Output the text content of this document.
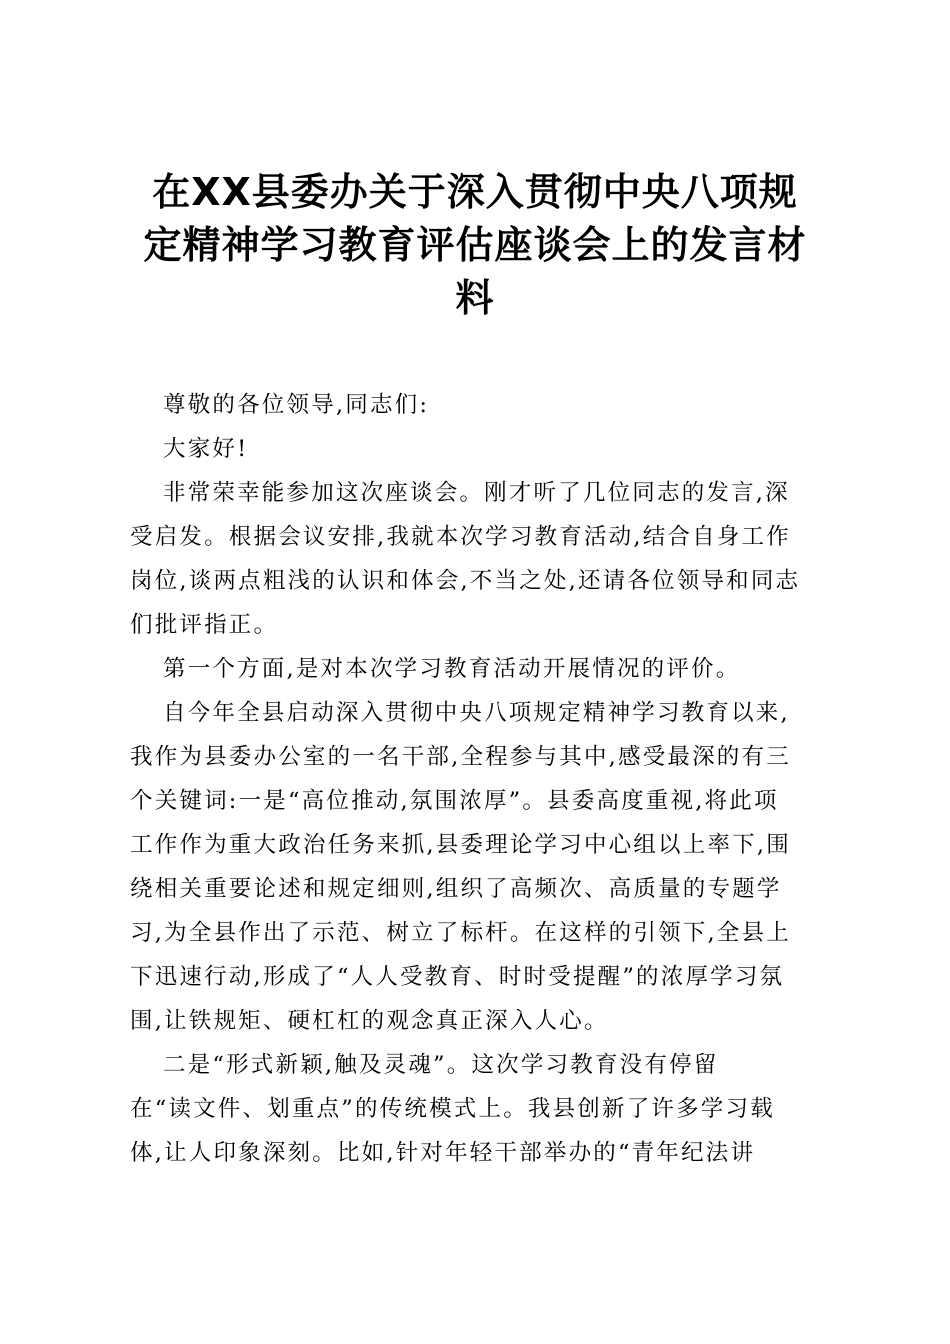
在XX县委办关于深入贯彻中央八项规
定精神学习教育评估座谈会上的发言材
料
尊敬的各位领导,同志们:
大家好!
非常荣幸能参加这次座谈会。刚才听了几位同志的发言,深
受启发。根据会议安排,我就本次学习教育活动,结合自身工作
岗位,谈两点粗浅的认识和体会,不当之处,还请各位领导和同志
们批评指正。
第一个方面,是对本次学习教育活动开展情况的评价。
自今年全县启动深入贯彻中央八项规定精神学习教育以来,
我作为县委办公室的一名干部,全程参与其中,感受最深的有三
个关键词:一是“高位推动,氛围浓厚”。县委高度重视,将此项
工作作为重大政治任务来抓,县委理论学习中心组以上率下,围
绕相关重要论述和规定细则,组织了高频次、高质量的专题学
习,为全县作出了示范、树立了标杆。在这样的引领下,全县上
下迅速行动,形成了“人人受教育、时时受提醒”的浓厚学习氛
围,让铁规矩、硬杠杠的观念真正深入人心。
二是“形式新颖,触及灵魂”。这次学习教育没有停留
在“读文件、划重点”的传统模式上。我县创新了许多学习载
体,让人印象深刻。比如,针对年轻干部举办的“青年纪法讲
